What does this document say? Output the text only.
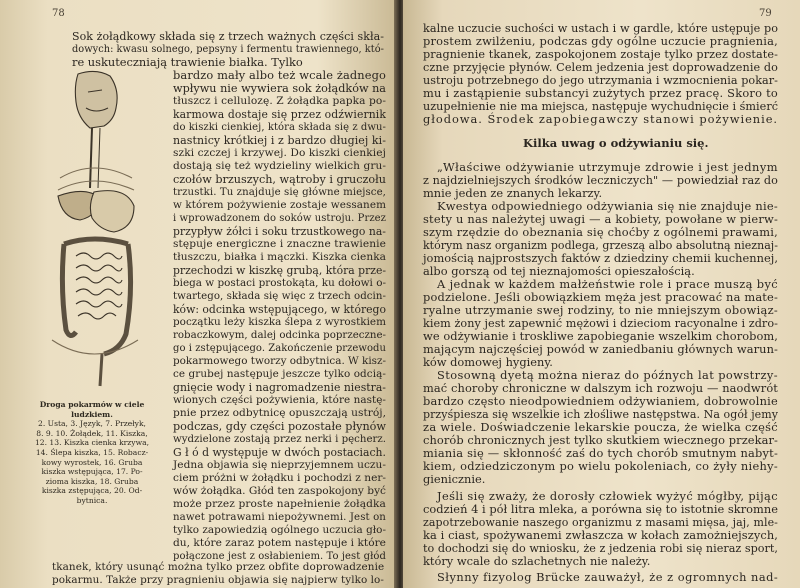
78
Sok żołądkowy składa się z trzech ważnych części skła-
dowych: kwasu solnego, pepsyny i fermentu trawiennego, któ-
re uskuteczniają trawienie białka. Tylko
bardzo mały albo też wcale żadnego
wpływu nie wywiera sok żołądków na
tłuszcz i cellulozę. Z żołądka papka po-
karmowa dostaje się przez odźwiernik
do kiszki cienkiej, która składa się z dwu-
nastnicy krótkiej i z bardzo długiej ki-
szki czczej i krzywej. Do kiszki cienkiej
dostają się też wydzieliny wielkich gru-
czołów brzuszych, wątroby i gruczołu
trzustki. Tu znajduje się główne miejsce,
w którem pożywienie zostaje wessanem
i wprowadzonem do soków ustroju. Przez
przypływ żółci i soku trzustkowego na-
stępuje energiczne i znaczne trawienie
tłuszczu, białka i mączki. Kiszka cienka
przechodzi w kiszkę grubą, która prze-
biega w postaci prostokąta, ku dołowi o-
twartego, składa się więc z trzech odcin-
ków: odcinka wstępującego, w którego
początku leży kiszka ślepa z wyrostkiem
robaczkowym, dalej odcinka poprzeczne-
go i zstępującego. Zakończenie przewodu
pokarmowego tworzy odbytnica. W kisz-
ce grubej następuje jeszcze tylko odcią-
gnięcie wody i nagromadzenie niestra-
wionych części pożywienia, które nastę-
pnie przez odbytnicę opuszczają ustrój,
podczas, gdy części pozostałe płynów
wydzielone zostają przez nerki i pęcherz.
G ł ó d występuje w dwóch postaciach.
Jedna objawia się nieprzyjemnem uczu-
ciem próżni w żołądku i pochodzi z ner-
wów żołądka. Głód ten zaspokojony być
może przez proste napełnienie żołądka
nawet potrawami niepożywnemi. Jest on
tylko zapowiedzią ogólnego uczucia gło-
du, które zaraz potem następuje i które
połączone jest z osłabieniem. To jest głód
tkanek, który usunąć można tylko przez obfite doprowadzenie
pokarmu. Także przy pragnieniu objawia się najpierw tylko lo-
Droga pokarmów w ciele ludzkiem.
2. Usta, 3. Język, 7. Przełyk,
8. 9. 10. Żołądek, 11. Kiszka,
12. 13. Kiszka cienka krzywa,
14. Ślepa kiszka, 15. Robacz-
kowy wyrostek, 16. Gruba
kiszka wstępująca, 17. Po-
zioma kiszka, 18. Gruba
kiszka zstępująca, 20. Od-
bytnica.
79
kalne uczucie suchości w ustach i w gardle, które ustępuje po
prostem zwilżeniu, podczas gdy ogólne uczucie pragnienia,
pragnienie tkanek, zaspokojonem zostaje tylko przez dostate-
czne przyjęcie płynów. Celem jedzenia jest doprowadzenie do
ustroju potrzebnego do jego utrzymania i wzmocnienia pokar-
mu i zastąpienie substancyi zużytych przez pracę. Skoro to
uzupełnienie nie ma miejsca, następuje wychudnięcie i śmierć
głodowa. Środek zapobiegawczy stanowi pożywienie.
Kilka uwag o odżywianiu się.
„Właściwe odżywianie utrzymuje zdrowie i jest jednym
z najdzielniejszych środków leczniczych" — powiedział raz do
mnie jeden ze znanych lekarzy.
Kwestya odpowiedniego odżywiania się nie znajduje nie-
stety u nas należytej uwagi — a kobiety, powołane w pierw-
szym rzędzie do obeznania się choćby z ogólnemi prawami,
którym nasz organizm podlega, grzeszą albo absolutną nieznaj-
jomością najprostszych faktów z dziedziny chemii kuchennej,
albo gorszą od tej nieznajomości opieszałością.
A jednak w każdem małżeństwie role i prace muszą być
podzielone. Jeśli obowiązkiem męża jest pracować na mate-
ryalne utrzymanie swej rodziny, to nie mniejszym obowiąz-
kiem żony jest zapewnić mężowi i dzieciom racyonalne i zdro-
we odżywianie i troskliwe zapobieganie wszelkim chorobom,
mającym najczęściej powód w zaniedbaniu głównych warun-
ków domowej hygieny.
Stosowną dyetą można nieraz do późnych lat powstrzy-
mać choroby chroniczne w dalszym ich rozwoju — naodwrót
bardzo często nieodpowiedniem odżywianiem, dobrowolnie
przyśpiesza się wszelkie ich złośliwe następstwa. Na ogół jemy
za wiele. Doświadczenie lekarskie poucza, że wielka część
chorób chronicznych jest tylko skutkiem wiecznego przekar-
miania się — skłonność zaś do tych chorób smutnym nabyt-
kiem, odziedziczonym po wielu pokoleniach, co żyły niehy-
gienicznie.
Jeśli się zważy, że dorosły człowiek wyżyć mógłby, pijąc
codzień 4 i pół litra mleka, a porówna się to istotnie skromne
zapotrzebowanie naszego organizmu z masami mięsa, jaj, mle-
ka i ciast, spożywanemi zwłaszcza w kołach zamożniejszych,
to dochodzi się do wniosku, że z jedzenia robi się nieraz sport,
który wcale do szlachetnych nie należy.
Słynny fizyolog Brücke zauważył, że z ogromnych nad-
